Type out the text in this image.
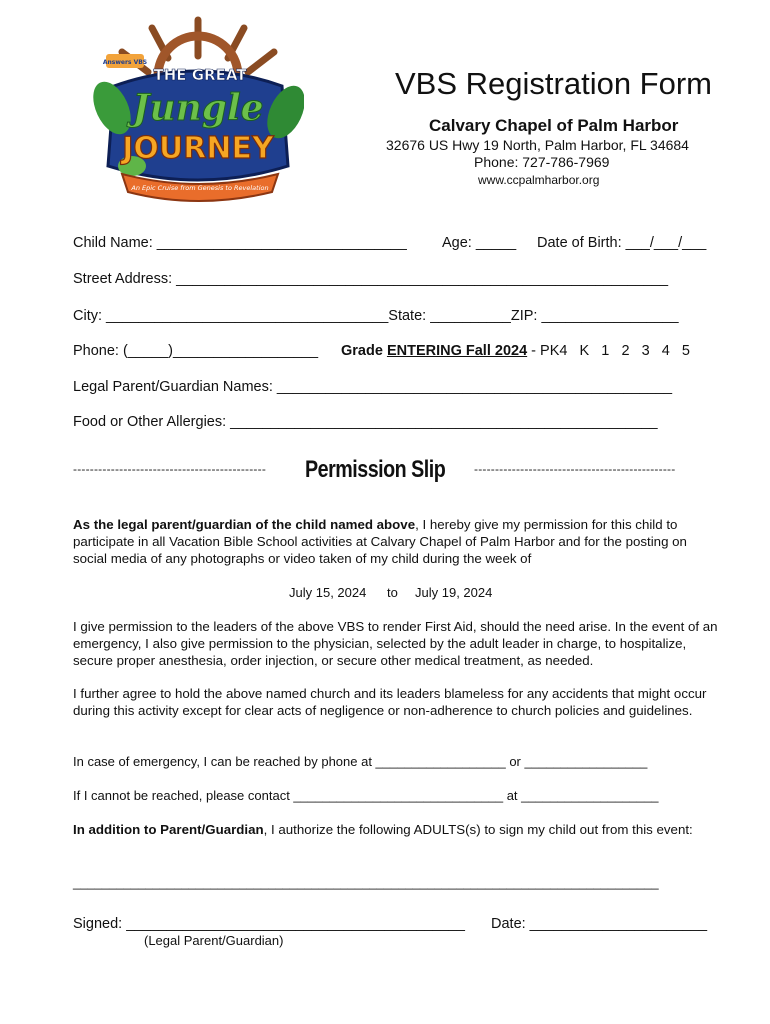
Answers VBS
THE GREAT
Jungle
JOURNEY
An Epic Cruise from Genesis to Revelation
VBS Registration Form
Calvary Chapel of Palm Harbor
32676 US Hwy 19 North, Palm Harbor, FL 34684
Phone: 727-786-7969
www.ccpalmharbor.org
Child Name: _______________________________ Age: _____ Date of Birth: ___/___/___
Street Address: _____________________________________________________________
City: ___________________________________State: __________ZIP: _________________
Phone: (_____)__________________ Grade ENTERING Fall 2024 - PK4   K   1   2   3   4   5
Legal Parent/Guardian Names: _________________________________________________
Food or Other Allergies: _____________________________________________________
---------------------------------------------- Permission Slip ------------------------------------------------
As the legal parent/guardian of the child named above, I hereby give my permission for this child to participate in all Vacation Bible School activities at Calvary Chapel of Palm Harbor and for the posting on social media of any photographs or video taken of my child during the week of
July 15, 2024 to July 19, 2024
I give permission to the leaders of the above VBS to render First Aid, should the need arise. In the event of an emergency, I also give permission to the physician, selected by the adult leader in charge, to hospitalize, secure proper anesthesia, order injection, or secure other medical treatment, as needed.
I further agree to hold the above named church and its leaders blameless for any accidents that might occur during this activity except for clear acts of negligence or non-adherence to church policies and guidelines.
In case of emergency, I can be reached by phone at __________________ or _________________
If I cannot be reached, please contact _____________________________ at ___________________
In addition to Parent/Guardian, I authorize the following ADULTS(s) to sign my child out from this event:
_________________________________________________________________________________
Signed: __________________________________________ Date: ______________________
(Legal Parent/Guardian)
